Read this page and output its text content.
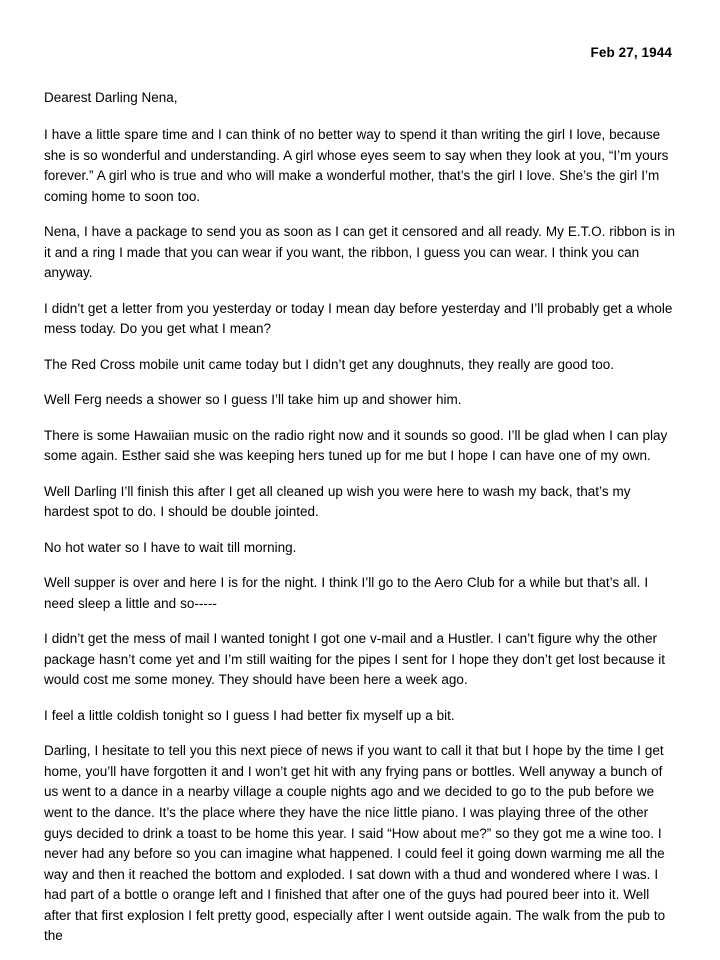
Feb 27, 1944
Dearest Darling Nena,

I have a little spare time and I can think of no better way to spend it than writing the girl I love, because she is so wonderful and understanding. A girl whose eyes seem to say when they look at you, “I’m yours forever.” A girl who is true and who will make a wonderful mother, that’s the girl I love. She’s the girl I’m coming home to soon too.

Nena, I have a package to send you as soon as I can get it censored and all ready. My E.T.O. ribbon is in it and a ring I made that you can wear if you want, the ribbon, I guess you can wear. I think you can anyway.

I didn’t get a letter from you yesterday or today I mean day before yesterday and I’ll probably get a whole mess today. Do you get what I mean?

The Red Cross mobile unit came today but I didn’t get any doughnuts, they really are good too.

Well Ferg needs a shower so I guess I’ll take him up and shower him.

There is some Hawaiian music on the radio right now and it sounds so good. I’ll be glad when I can play some again. Esther said she was keeping hers tuned up for me but I hope I can have one of my own.

Well Darling I’ll finish this after I get all cleaned up wish you were here to wash my back, that’s my hardest spot to do. I should be double jointed.

No hot water so I have to wait till morning.

Well supper is over and here I is for the night. I think I’ll go to the Aero Club for a while but that’s all. I need sleep a little and so-----

I didn’t get the mess of mail I wanted tonight I got one v-mail and a Hustler. I can’t figure why the other package hasn’t come yet and I’m still waiting for the pipes I sent for I hope they don’t get lost because it would cost me some money. They should have been here a week ago.

I feel a little coldish tonight so I guess I had better fix myself up a bit.

Darling, I hesitate to tell you this next piece of news if you want to call it that but I hope by the time I get home, you’ll have forgotten it and I won’t get hit with any frying pans or bottles. Well anyway a bunch of us went to a dance in a nearby village a couple nights ago and we decided to go to the pub before we went to the dance. It’s the place where they have the nice little piano. I was playing three of the other guys decided to drink a toast to be home this year. I said “How about me?” so they got me a wine too. I never had any before so you can imagine what happened. I could feel it going down warming me all the way and then it reached the bottom and exploded. I sat down with a thud and wondered where I was. I had part of a bottle o orange left and I finished that after one of the guys had poured beer into it. Well after that first explosion I felt pretty good, especially after I went outside again. The walk from the pub to the
